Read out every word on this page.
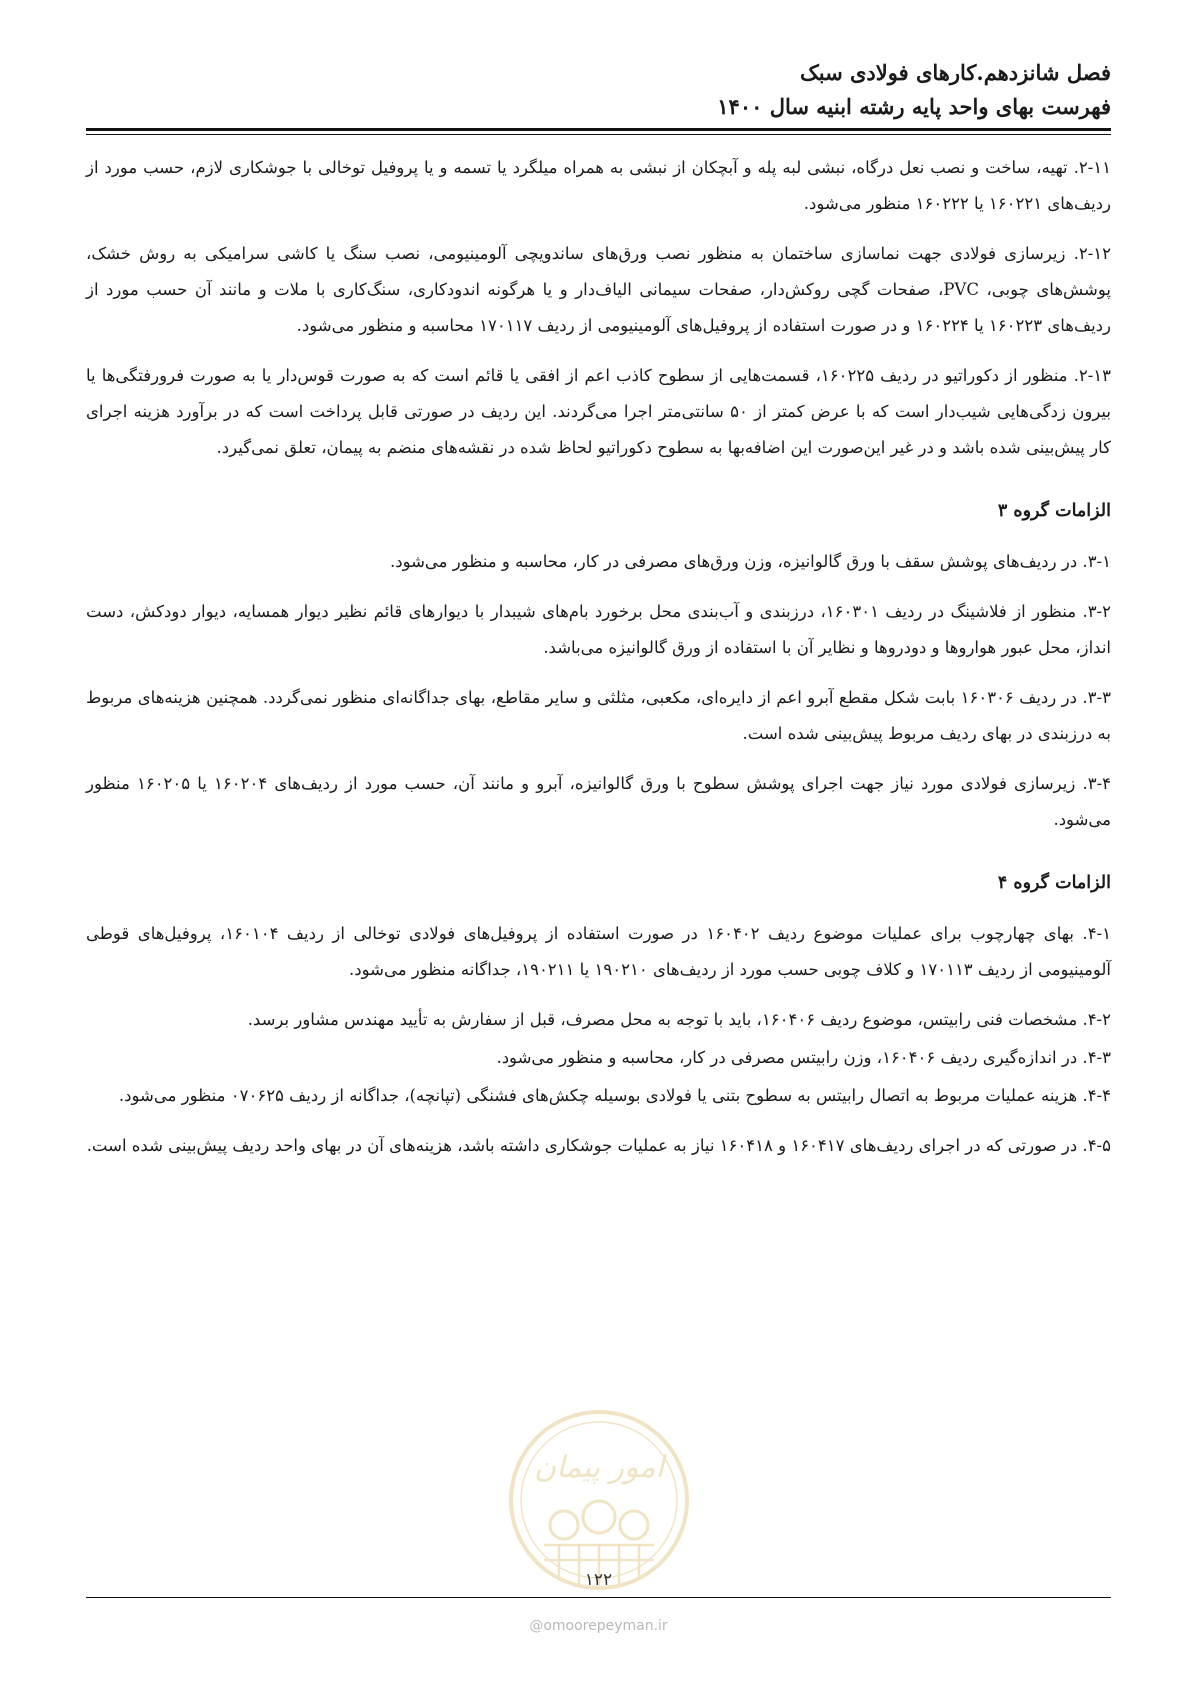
فصل شانزدهم.کارهای فولادی سبک
فهرست بهای واحد پایه رشته ابنیه سال ۱۴۰۰

۲-۱۱. تهیه، ساخت و نصب نعل درگاه، نبشی لبه پله و آبچکان از نبشی به همراه میلگرد یا تسمه و یا پروفیل توخالی با جوشکاری لازم، حسب مورد از ردیف‌های ۱۶۰۲۲۱ یا ۱۶۰۲۲۲ منظور می‌شود.

۲-۱۲. زیرسازی فولادی جهت نماسازی ساختمان به منظور نصب ورق‌های ساندویچی آلومینیومی، نصب سنگ یا کاشی سرامیکی به روش خشک، پوشش‌های چوبی، PVC، صفحات گچی روکش‌دار، صفحات سیمانی الیاف‌دار و یا هرگونه اندودکاری، سنگ‌کاری با ملات و مانند آن حسب مورد از ردیف‌های ۱۶۰۲۲۳ یا ۱۶۰۲۲۴ و در صورت استفاده از پروفیل‌های آلومینیومی از ردیف ۱۷۰۱۱۷ محاسبه و منظور می‌شود.

۲-۱۳. منظور از دکوراتیو در ردیف ۱۶۰۲۲۵، قسمت‌هایی از سطوح کاذب اعم از افقی یا قائم است که به صورت قوس‌دار یا به صورت فرورفتگی‌ها یا بیرون زدگی‌هایی شیب‌دار است که با عرض کمتر از ۵۰ سانتی‌متر اجرا می‌گردند. این ردیف در صورتی قابل پرداخت است که در برآورد هزینه اجرای کار پیش‌بینی شده باشد و در غیر این‌صورت این اضافه‌بها به سطوح دکوراتیو لحاظ شده در نقشه‌های منضم به پیمان، تعلق نمی‌گیرد.

الزامات گروه ۳

۳-۱. در ردیف‌های پوشش سقف با ورق گالوانیزه، وزن ورق‌های مصرفی در کار، محاسبه و منظور می‌شود.

۳-۲. منظور از فلاشینگ در ردیف ۱۶۰۳۰۱، درزبندی و آب‌بندی محل برخورد بام‌های شیبدار با دیوارهای قائم نظیر دیوار همسایه، دیوار دودکش، دست انداز، محل عبور هواروها و دودروها و نظایر آن با استفاده از ورق گالوانیزه می‌باشد.

۳-۳. در ردیف ۱۶۰۳۰۶ بابت شکل مقطع آبرو اعم از دایره‌ای، مکعبی، مثلثی و سایر مقاطع، بهای جداگانه‌ای منظور نمی‌گردد. همچنین هزینه‌های مربوط به درزبندی در بهای ردیف مربوط پیش‌بینی شده است.

۳-۴. زیرسازی فولادی مورد نیاز جهت اجرای پوشش سطوح با ورق گالوانیزه، آبرو و مانند آن، حسب مورد از ردیف‌های ۱۶۰۲۰۴ یا ۱۶۰۲۰۵ منظور می‌شود.

الزامات گروه ۴

۴-۱. بهای چهارچوب برای عملیات موضوع ردیف ۱۶۰۴۰۲ در صورت استفاده از پروفیل‌های فولادی توخالی از ردیف ۱۶۰۱۰۴، پروفیل‌های قوطی آلومینیومی از ردیف ۱۷۰۱۱۳ و کلاف چوبی حسب مورد از ردیف‌های ۱۹۰۲۱۰ یا ۱۹۰۲۱۱، جداگانه منظور می‌شود.

۴-۲. مشخصات فنی رابیتس، موضوع ردیف ۱۶۰۴۰۶، باید با توجه به محل مصرف، قبل از سفارش به تأیید مهندس مشاور برسد.

۴-۳. در اندازه‌گیری ردیف ۱۶۰۴۰۶، وزن رابیتس مصرفی در کار، محاسبه و منظور می‌شود.

۴-۴. هزینه عملیات مربوط به اتصال رابیتس به سطوح بتنی یا فولادی بوسیله چکش‌های فشنگی (تپانچه)، جداگانه از ردیف ۰۷۰۶۲۵ منظور می‌شود.

۴-۵. در صورتی که در اجرای ردیف‌های ۱۶۰۴۱۷ و ۱۶۰۴۱۸ نیاز به عملیات جوشکاری داشته باشد، هزینه‌های آن در بهای واحد ردیف پیش‌بینی شده است.

امور پیمان
۱۲۲
@omoorepeyman.ir
